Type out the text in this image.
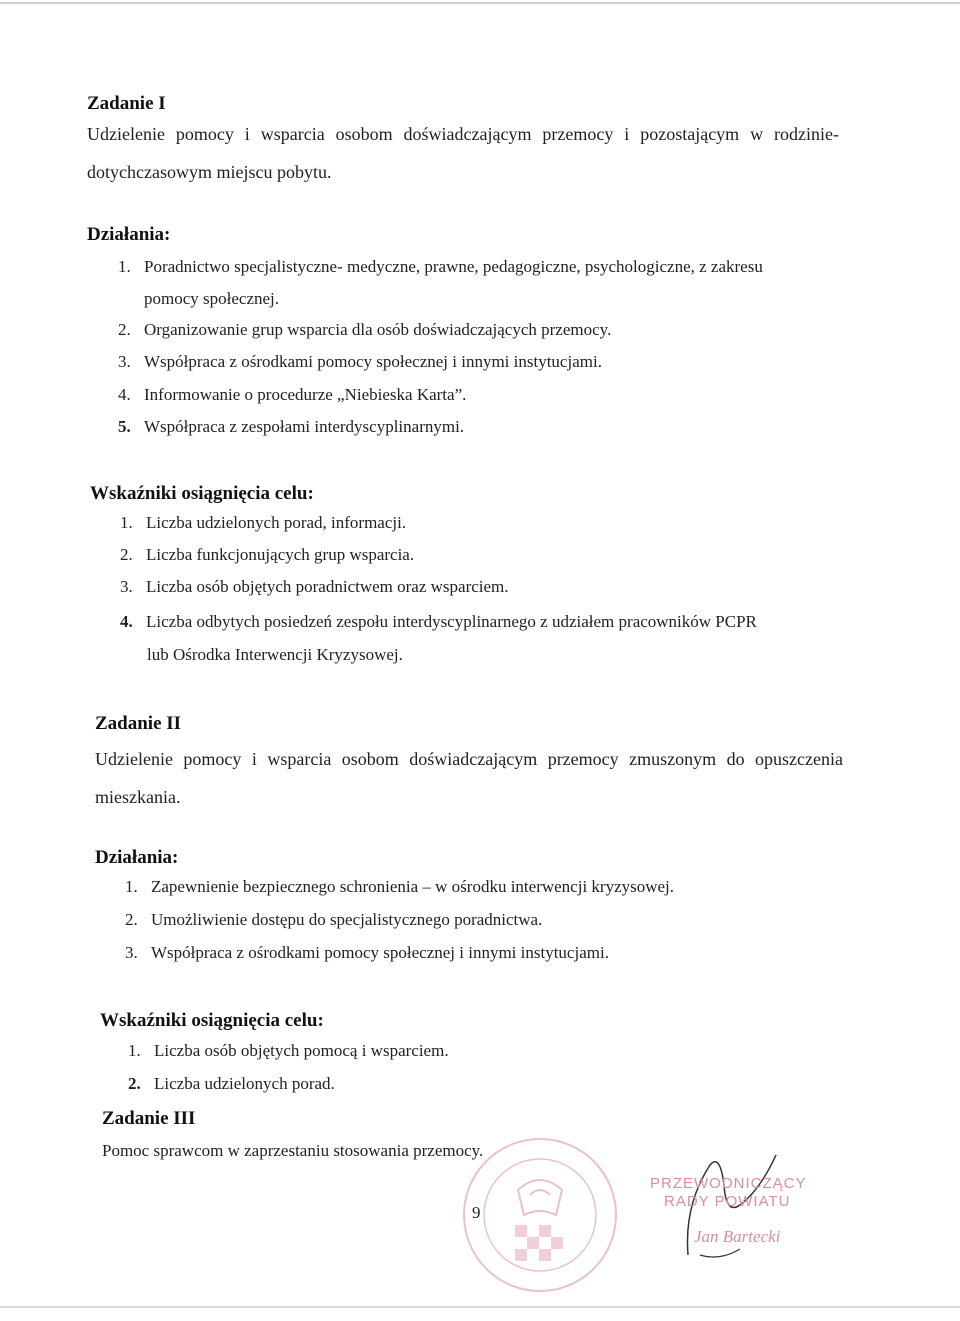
Zadanie I
Udzielenie pomocy i wsparcia osobom doświadczającym przemocy i pozostającym w rodzinie-dotychczasowym miejscu pobytu.
Działania:
1. Poradnictwo specjalistyczne- medyczne, prawne, pedagogiczne, psychologiczne, z zakresu
pomocy społecznej.
2. Organizowanie grup wsparcia dla osób doświadczających przemocy.
3. Współpraca z ośrodkami pomocy społecznej i innymi instytucjami.
4. Informowanie o procedurze „Niebieska Karta”.
5. Współpraca z zespołami interdyscyplinarnymi.
Wskaźniki osiągnięcia celu:
1. Liczba udzielonych porad, informacji.
2. Liczba funkcjonujących grup wsparcia.
3. Liczba osób objętych poradnictwem oraz wsparciem.
4. Liczba odbytych posiedzeń zespołu interdyscyplinarnego z udziałem pracowników PCPR
lub Ośrodka Interwencji Kryzysowej.
Zadanie II
Udzielenie pomocy i wsparcia osobom doświadczającym przemocy zmuszonym do opuszczenia mieszkania.
Działania:
1. Zapewnienie bezpiecznego schronienia – w ośrodku interwencji kryzysowej.
2. Umożliwienie dostępu do specjalistycznego poradnictwa.
3. Współpraca z ośrodkami pomocy społecznej i innymi instytucjami.
Wskaźniki osiągnięcia celu:
1. Liczba osób objętych pomocą i wsparciem.
2. Liczba udzielonych porad.
Zadanie III
Pomoc sprawcom w zaprzestaniu stosowania przemocy.
9
PRZEWODNICZĄCY
RADY POWIATU
Jan Bartecki
